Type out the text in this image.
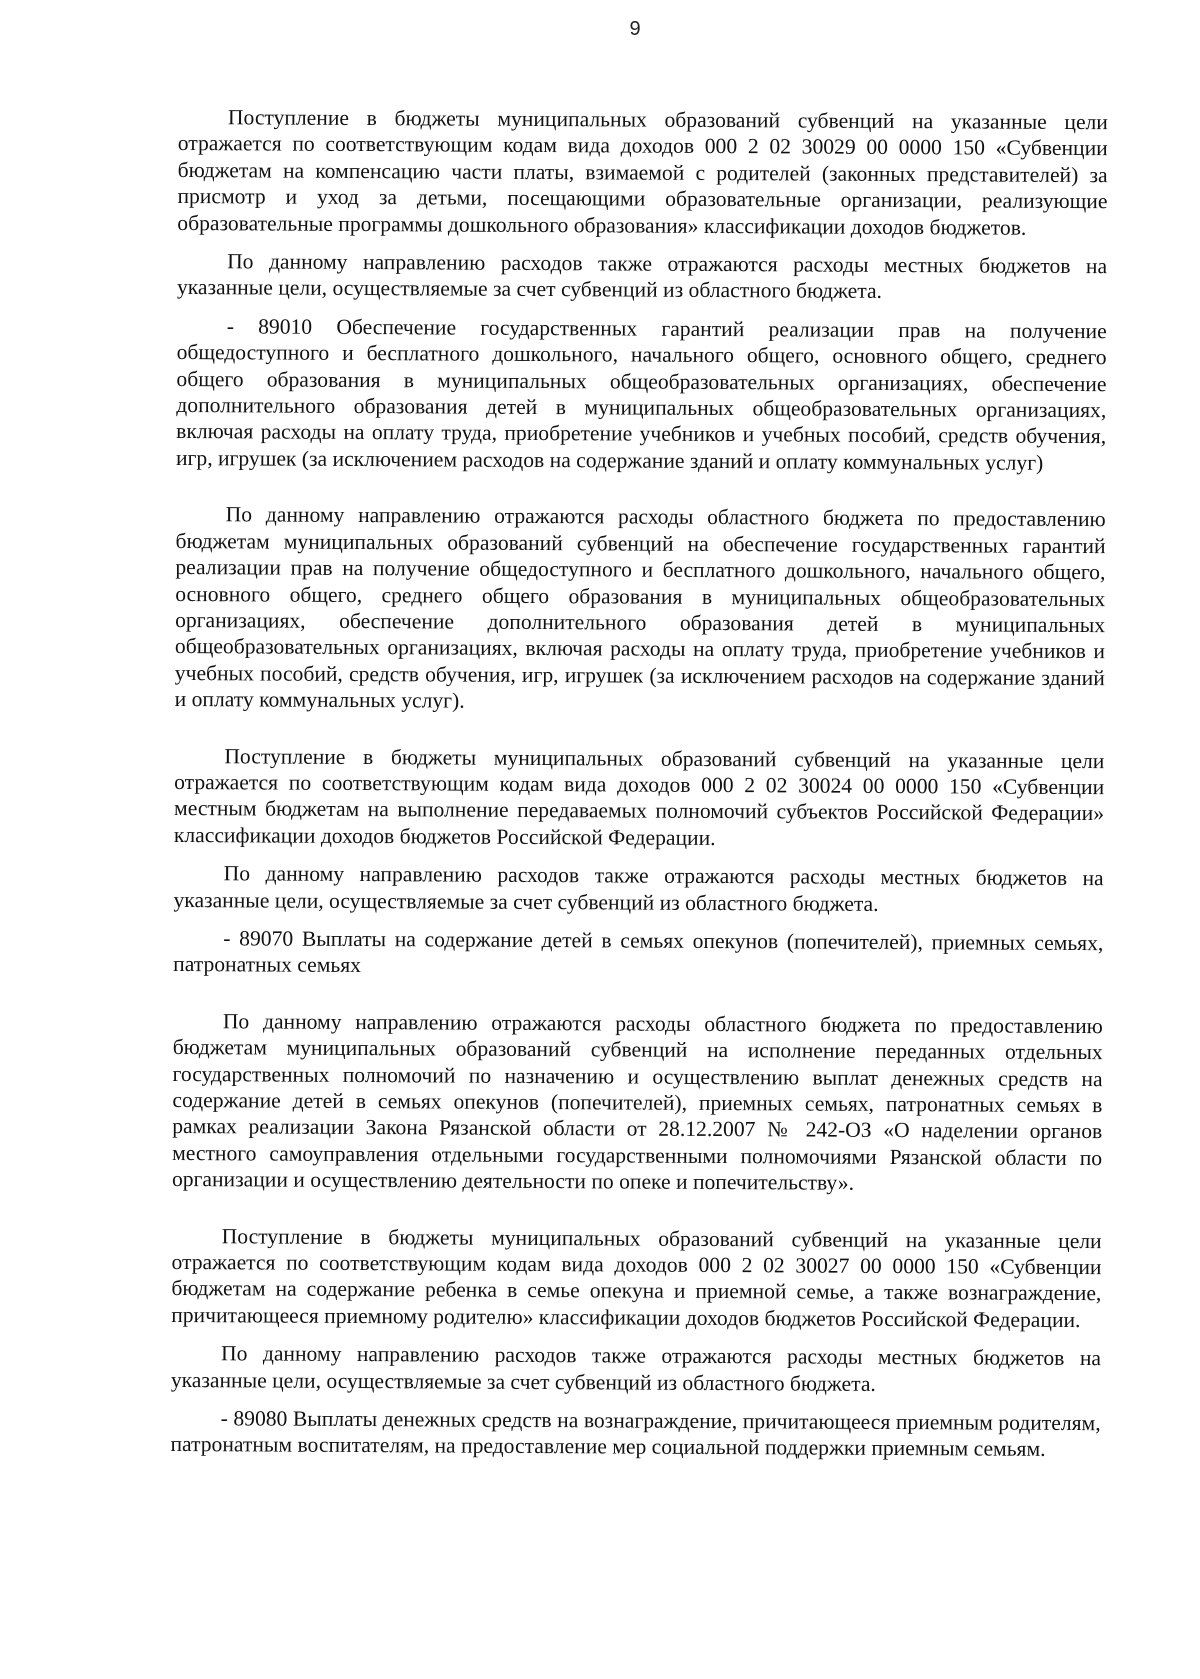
9

Поступление в бюджеты муниципальных образований субвенций на указанные цели отражается по соответствующим кодам вида доходов 000 2 02 30029 00 0000 150 «Субвенции бюджетам на компенсацию части платы, взимаемой с родителей (законных представителей) за присмотр и уход за детьми, посещающими образовательные организации, реализующие образовательные программы дошкольного образования» классификации доходов бюджетов.

По данному направлению расходов также отражаются расходы местных бюджетов на указанные цели, осуществляемые за счет субвенций из областного бюджета.

- 89010 Обеспечение государственных гарантий реализации прав на получение общедоступного и бесплатного дошкольного, начального общего, основного общего, среднего общего образования в муниципальных общеобразовательных организациях, обеспечение дополнительного образования детей в муниципальных общеобразовательных организациях, включая расходы на оплату труда, приобретение учебников и учебных пособий, средств обучения, игр, игрушек (за исключением расходов на содержание зданий и оплату коммунальных услуг)

По данному направлению отражаются расходы областного бюджета по предоставлению бюджетам муниципальных образований субвенций на обеспечение государственных гарантий реализации прав на получение общедоступного и бесплатного дошкольного, начального общего, основного общего, среднего общего образования в муниципальных общеобразовательных организациях, обеспечение дополнительного образования детей в муниципальных общеобразовательных организациях, включая расходы на оплату труда, приобретение учебников и учебных пособий, средств обучения, игр, игрушек (за исключением расходов на содержание зданий и оплату коммунальных услуг).

Поступление в бюджеты муниципальных образований субвенций на указанные цели отражается по соответствующим кодам вида доходов 000 2 02 30024 00 0000 150 «Субвенции местным бюджетам на выполнение передаваемых полномочий субъектов Российской Федерации» классификации доходов бюджетов Российской Федерации.

По данному направлению расходов также отражаются расходы местных бюджетов на указанные цели, осуществляемые за счет субвенций из областного бюджета.

- 89070 Выплаты на содержание детей в семьях опекунов (попечителей), приемных семьях, патронатных семьях

По данному направлению отражаются расходы областного бюджета по предоставлению бюджетам муниципальных образований субвенций на исполнение переданных отдельных государственных полномочий по назначению и осуществлению выплат денежных средств на содержание детей в семьях опекунов (попечителей), приемных семьях, патронатных семьях в рамках реализации Закона Рязанской области от 28.12.2007 № 242-ОЗ «О наделении органов местного самоуправления отдельными государственными полномочиями Рязанской области по организации и осуществлению деятельности по опеке и попечительству».

Поступление в бюджеты муниципальных образований субвенций на указанные цели отражается по соответствующим кодам вида доходов 000 2 02 30027 00 0000 150 «Субвенции бюджетам на содержание ребенка в семье опекуна и приемной семье, а также вознаграждение, причитающееся приемному родителю» классификации доходов бюджетов Российской Федерации.

По данному направлению расходов также отражаются расходы местных бюджетов на указанные цели, осуществляемые за счет субвенций из областного бюджета.

- 89080 Выплаты денежных средств на вознаграждение, причитающееся приемным родителям, патронатным воспитателям, на предоставление мер социальной поддержки приемным семьям.
